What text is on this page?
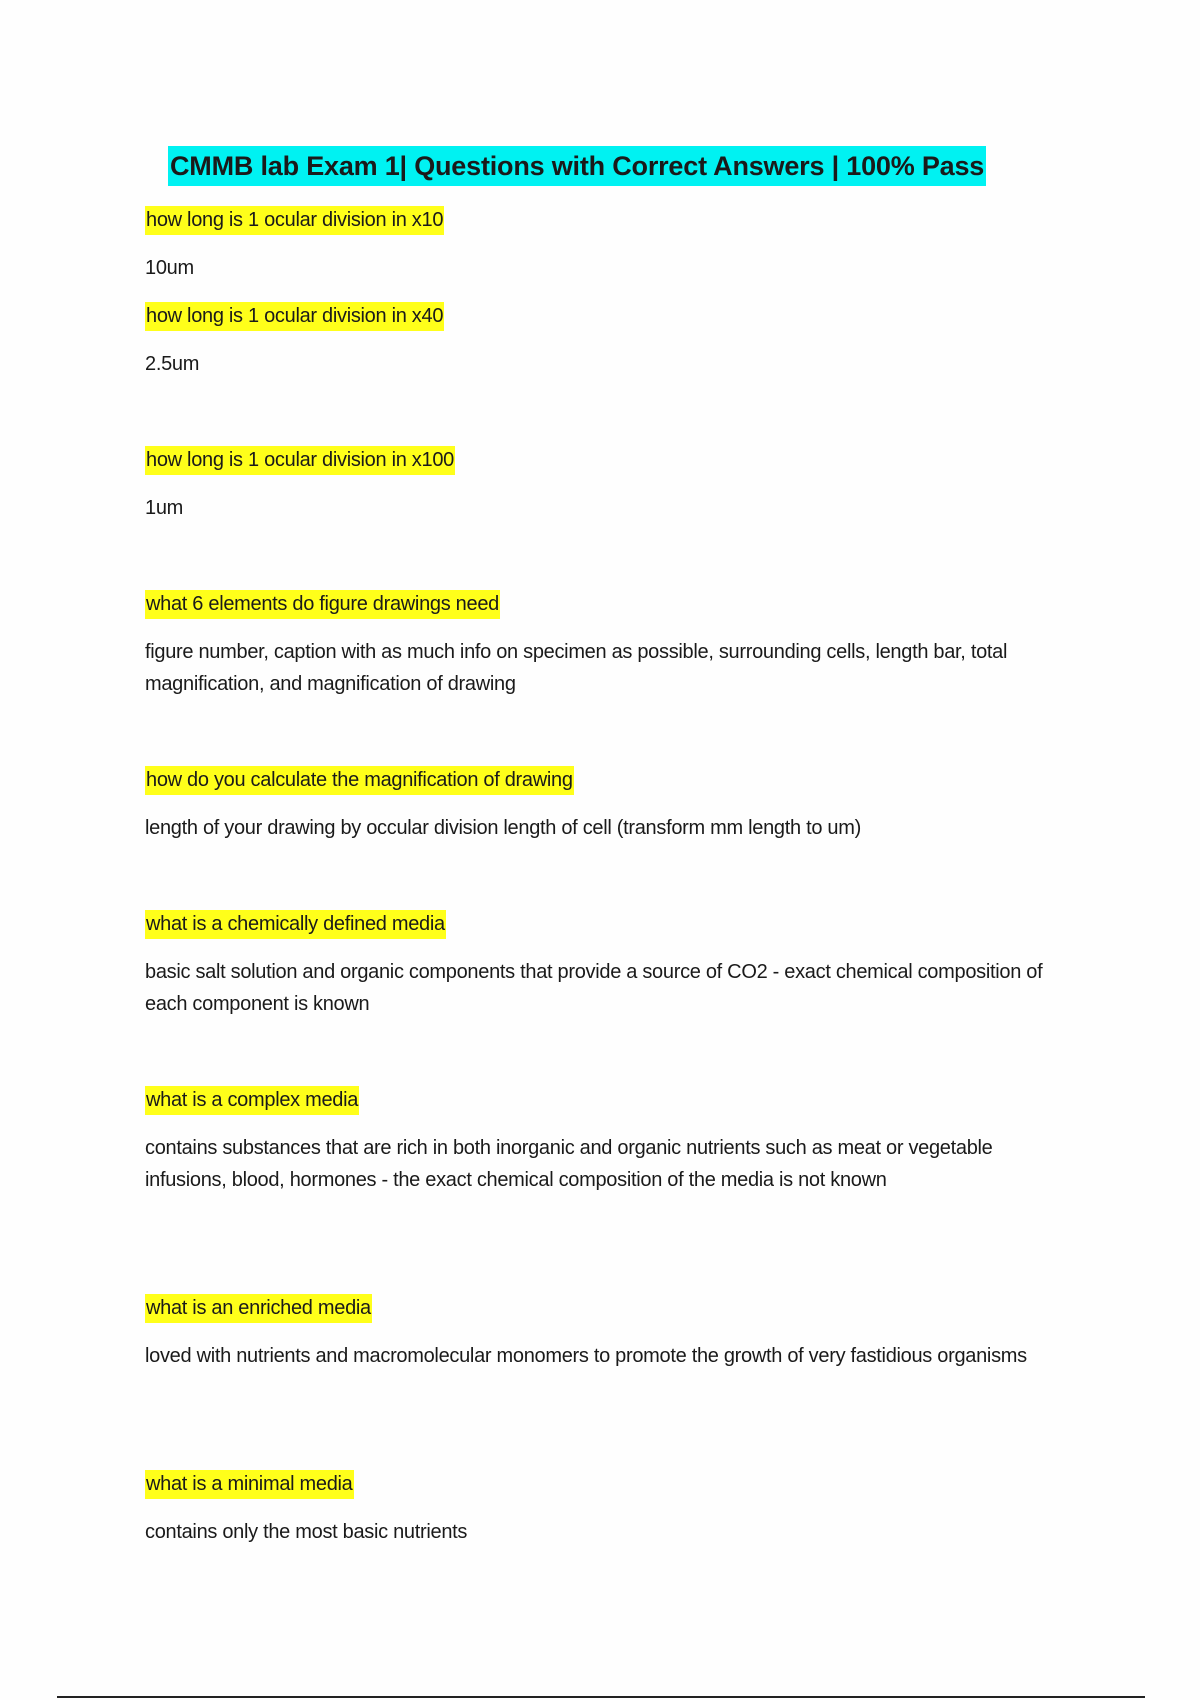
CMMB lab Exam 1| Questions with Correct Answers | 100% Pass
how long is 1 ocular division in x10
10um
how long is 1 ocular division in x40
2.5um
how long is 1 ocular division in x100
1um
what 6 elements do figure drawings need
figure number, caption with as much info on specimen as possible, surrounding cells, length bar, total magnification, and magnification of drawing
how do you calculate the magnification of drawing
length of your drawing by occular division length of cell (transform mm length to um)
what is a chemically defined media
basic salt solution and organic components that provide a source of CO2 - exact chemical composition of each component is known
what is a complex media
contains substances that are rich in both inorganic and organic nutrients such as meat or vegetable infusions, blood, hormones - the exact chemical composition of the media is not known
what is an enriched media
loved with nutrients and macromolecular monomers to promote the growth of very fastidious organisms
what is a minimal media
contains only the most basic nutrients
